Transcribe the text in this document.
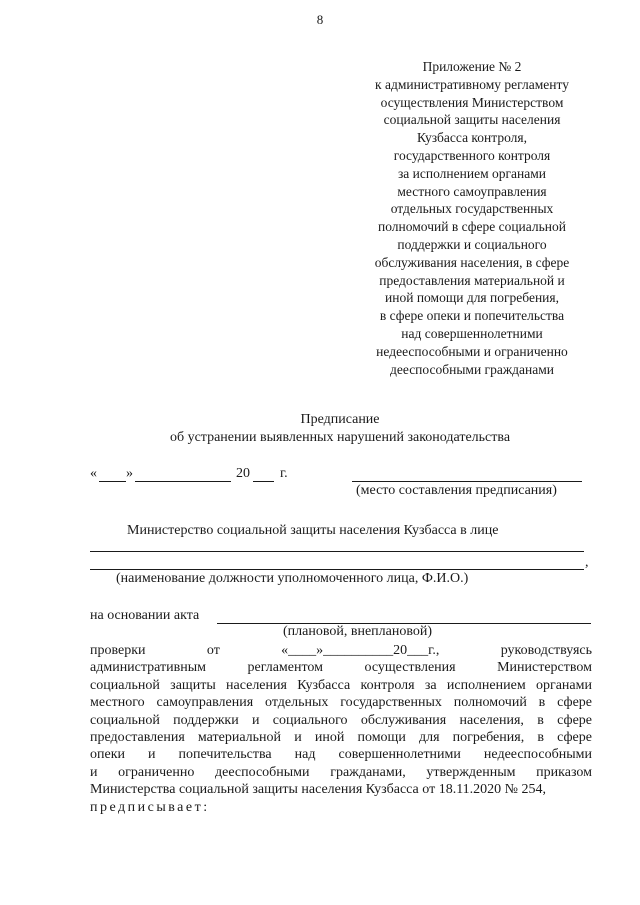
8
Приложение № 2
к административному регламенту
осуществления Министерством
социальной защиты населения
Кузбасса контроля,
государственного контроля
за исполнением органами
местного самоуправления
отдельных государственных
полномочий в сфере социальной
поддержки и социального
обслуживания населения, в сфере
предоставления материальной и
иной помощи для погребения,
в сфере опеки и попечительства
над совершеннолетними
недееспособными и ограниченно
дееспособными гражданами
Предписание
об устранении выявленных нарушений законодательства
« »	20 г.
(место составления предписания)
Министерство социальной защиты населения Кузбасса в лице
,
(наименование должности уполномоченного лица, Ф.И.О.)
на основании акта
(плановой, внеплановой)
проверки от «____»__________20___г., руководствуясь
административным регламентом осуществления Министерством
социальной защиты населения Кузбасса контроля за исполнением органами
местного самоуправления отдельных государственных полномочий в сфере
социальной поддержки и социального обслуживания населения, в сфере
предоставления материальной и иной помощи для погребения, в сфере
опеки и попечительства над совершеннолетними недееспособными
и ограниченно дееспособными гражданами, утвержденным приказом
Министерства социальной защиты населения Кузбасса от 18.11.2020 № 254,
предписывает:
